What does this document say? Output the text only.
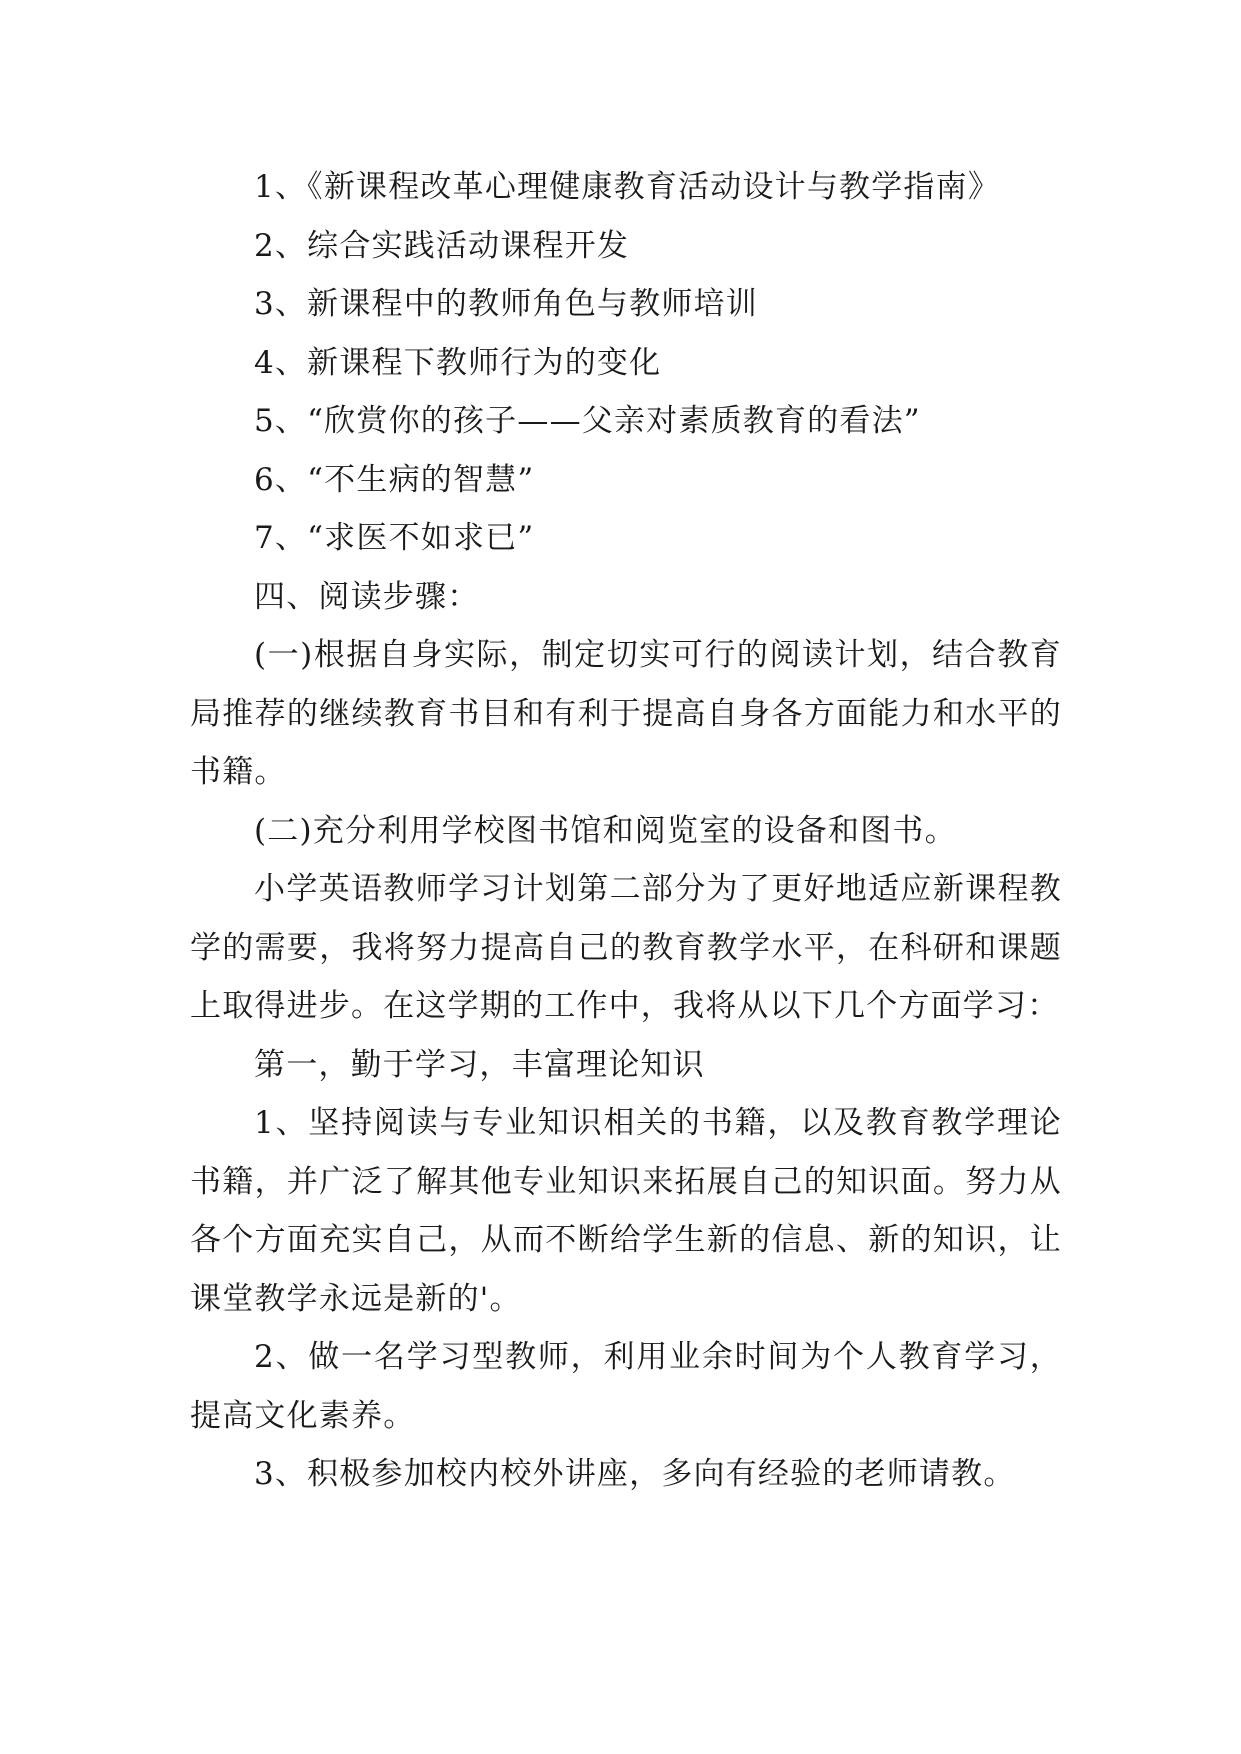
1、《新课程改革心理健康教育活动设计与教学指南》

2、综合实践活动课程开发

3、新课程中的教师角色与教师培训

4、新课程下教师行为的变化

5、“欣赏你的孩子——父亲对素质教育的看法”

6、“不生病的智慧”

7、“求医不如求已”

四、阅读步骤：

(一)根据自身实际，制定切实可行的阅读计划，结合教育局推荐的继续教育书目和有利于提高自身各方面能力和水平的书籍。

(二)充分利用学校图书馆和阅览室的设备和图书。

小学英语教师学习计划第二部分为了更好地适应新课程教学的需要，我将努力提高自己的教育教学水平，在科研和课题上取得进步。在这学期的工作中，我将从以下几个方面学习：

第一，勤于学习，丰富理论知识

1、坚持阅读与专业知识相关的书籍，以及教育教学理论书籍，并广泛了解其他专业知识来拓展自己的知识面。努力从各个方面充实自己，从而不断给学生新的信息、新的知识，让课堂教学永远是新的'。

2、做一名学习型教师，利用业余时间为个人教育学习，提高文化素养。

3、积极参加校内校外讲座，多向有经验的老师请教。
